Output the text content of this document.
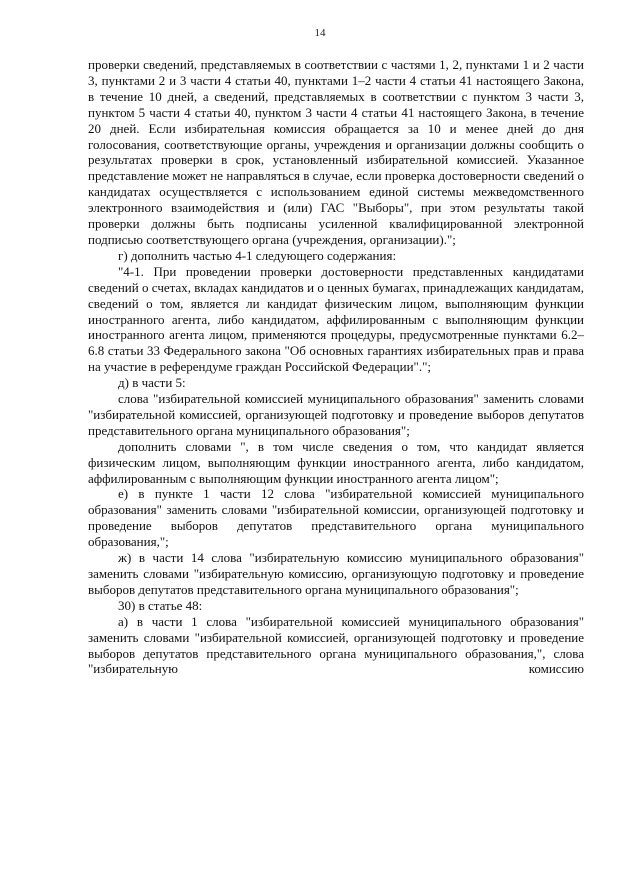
14

проверки сведений, представляемых в соответствии с частями 1, 2, пунктами 1 и 2 части 3, пунктами 2 и 3 части 4 статьи 40, пунктами 1–2 части 4 статьи 41 настоящего Закона, в течение 10 дней, а сведений, представляемых в соответствии с пунктом 3 части 3, пунктом 5 части 4 статьи 40, пунктом 3 части 4 статьи 41 настоящего Закона, в течение 20 дней. Если избирательная комиссия обращается за 10 и менее дней до дня голосования, соответствующие органы, учреждения и организации должны сообщить о результатах проверки в срок, установленный избирательной комиссией. Указанное представление может не направляться в случае, если проверка достоверности сведений о кандидатах осуществляется с использованием единой системы межведомственного электронного взаимодействия и (или) ГАС "Выборы", при этом результаты такой проверки должны быть подписаны усиленной квалифицированной электронной подписью соответствующего органа (учреждения, организации).";

г) дополнить частью 4-1 следующего содержания:

"4-1. При проведении проверки достоверности представленных кандидатами сведений о счетах, вкладах кандидатов и о ценных бумагах, принадлежащих кандидатам, сведений о том, является ли кандидат физическим лицом, выполняющим функции иностранного агента, либо кандидатом, аффилированным с выполняющим функции иностранного агента лицом, применяются процедуры, предусмотренные пунктами 6.2– 6.8 статьи 33 Федерального закона "Об основных гарантиях избирательных прав и права на участие в референдуме граждан Российской Федерации".";

д) в части 5:

слова "избирательной комиссией муниципального образования" заменить словами "избирательной комиссией, организующей подготовку и проведение выборов депутатов представительного органа муниципального образования";

дополнить словами ", в том числе сведения о том, что кандидат является физическим лицом, выполняющим функции иностранного агента, либо кандидатом, аффилированным с выполняющим функции иностранного агента лицом";

е) в пункте 1 части 12 слова "избирательной комиссией муниципального образования" заменить словами "избирательной комиссии, организующей подготовку и проведение выборов депутатов представительного органа муниципального образования,";

ж) в части 14 слова "избирательную комиссию муниципального образования" заменить словами "избирательную комиссию, организующую подготовку и проведение выборов депутатов представительного органа муниципального образования";

30) в статье 48:

а) в части 1 слова "избирательной комиссией муниципального образования" заменить словами "избирательной комиссией, организующей подготовку и проведение выборов депутатов представительного органа муниципального образования,", слова "избирательную комиссию
